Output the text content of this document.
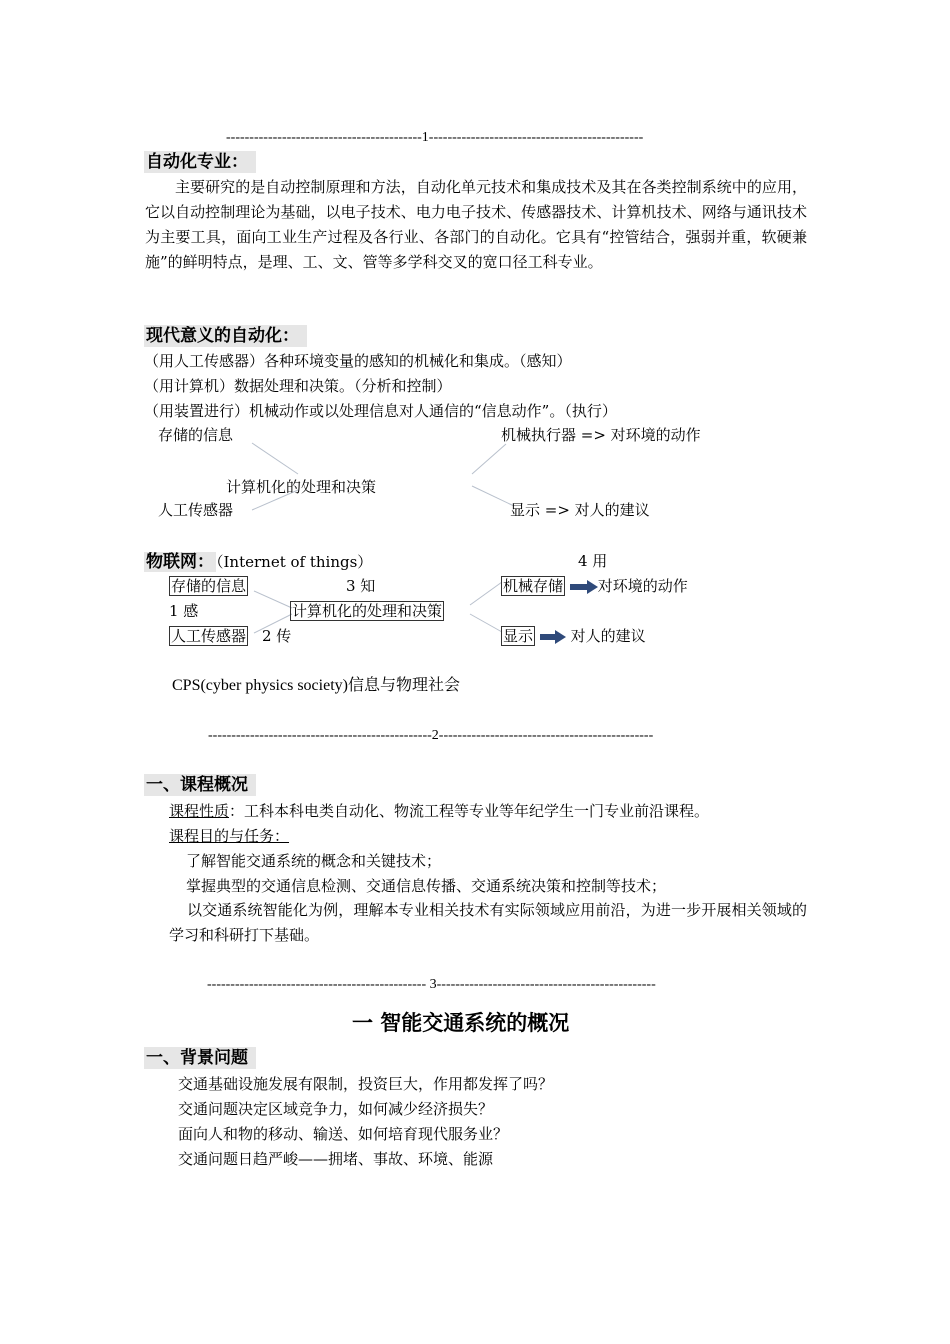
------------------------------------------1----------------------------------------------
自动化专业：
主要研究的是自动控制原理和方法，自动化单元技术和集成技术及其在各类控制系统中的应用，它以自动控制理论为基础，以电子技术、电力电子技术、传感器技术、计算机技术、网络与通讯技术为主要工具，面向工业生产过程及各行业、各部门的自动化。它具有“控管结合，强弱并重，软硬兼施”的鲜明特点，是理、工、文、管等多学科交叉的宽口径工科专业。
现代意义的自动化：
（用人工传感器）各种环境变量的感知的机械化和集成。（感知）
（用计算机）数据处理和决策。（分析和控制）
（用装置进行）机械动作或以处理信息对人通信的“信息动作”。（执行）
存储的信息
计算机化的处理和决策
人工传感器
机械执行器 => 对环境的动作
显示 => 对人的建议
物联网： （Internet of things）	4 用
3 知
1 感
2 传
存储的信息
计算机化的处理和决策
人工传感器
机械存储 对环境的动作
显示	对人的建议
CPS(cyber physics society)信息与物理社会
------------------------------------------------2----------------------------------------------
一、课程概况
课程性质：工科本科电类自动化、物流工程等专业等年纪学生一门专业前沿课程。
课程目的与任务：
了解智能交通系统的概念和关键技术；
掌握典型的交通信息检测、交通信息传播、交通系统决策和控制等技术；
以交通系统智能化为例，理解本专业相关技术有实际领域应用前沿，为进一步开展相关领域的学习和科研打下基础。
----------------------------------------------- 3-----------------------------------------------
一 智能交通系统的概况
一、背景问题
交通基础设施发展有限制，投资巨大，作用都发挥了吗？
交通问题决定区域竞争力，如何减少经济损失？
面向人和物的移动、输送、如何培育现代服务业？
交通问题日趋严峻——拥堵、事故、环境、能源
